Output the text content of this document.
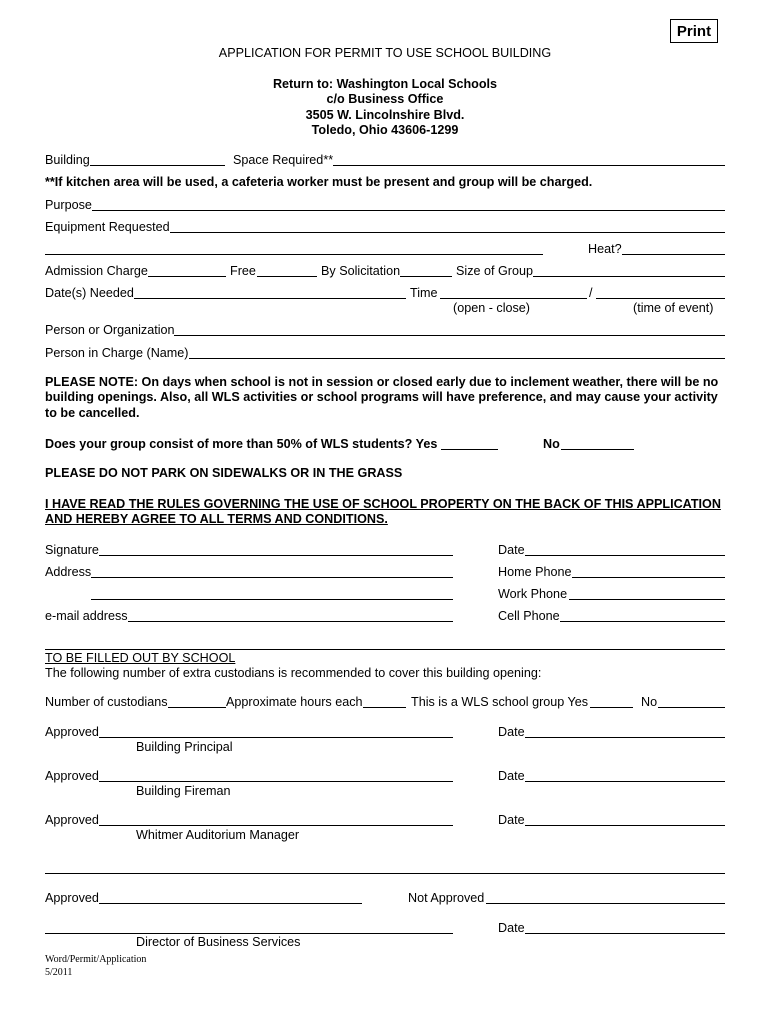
Print
APPLICATION FOR PERMIT TO USE SCHOOL BUILDING
Return to: Washington Local Schools
c/o Business Office
3505 W. Lincolnshire Blvd.
Toledo, Ohio 43606-1299
Building	Space Required**
**If kitchen area will be used, a cafeteria worker must be present and group will be charged.
Purpose
Equipment Requested
Heat?
Admission Charge	Free	By Solicitation	Size of Group
Date(s) Needed	Time	/
(open - close)	(time of event)
Person or Organization
Person in Charge (Name)
PLEASE NOTE: On days when school is not in session or closed early due to inclement weather, there will be no building openings. Also, all WLS activities or school programs will have preference, and may cause your activity to be cancelled.
Does your group consist of more than 50% of WLS students? Yes	No
PLEASE DO NOT PARK ON SIDEWALKS OR IN THE GRASS
I HAVE READ THE RULES GOVERNING THE USE OF SCHOOL PROPERTY ON THE BACK OF THIS APPLICATION AND HEREBY AGREE TO ALL TERMS AND CONDITIONS.
Signature	Date
Address	Home Phone
Work Phone
e-mail address	Cell Phone
TO BE FILLED OUT BY SCHOOL
The following number of extra custodians is recommended to cover this building opening:
Number of custodians	Approximate hours each	This is a WLS school group Yes	No
Approved	Date
Building Principal
Approved	Date
Building Fireman
Approved	Date
Whitmer Auditorium Manager
Approved	Not Approved
Date
Director of Business Services
Word/Permit/Application
5/2011
